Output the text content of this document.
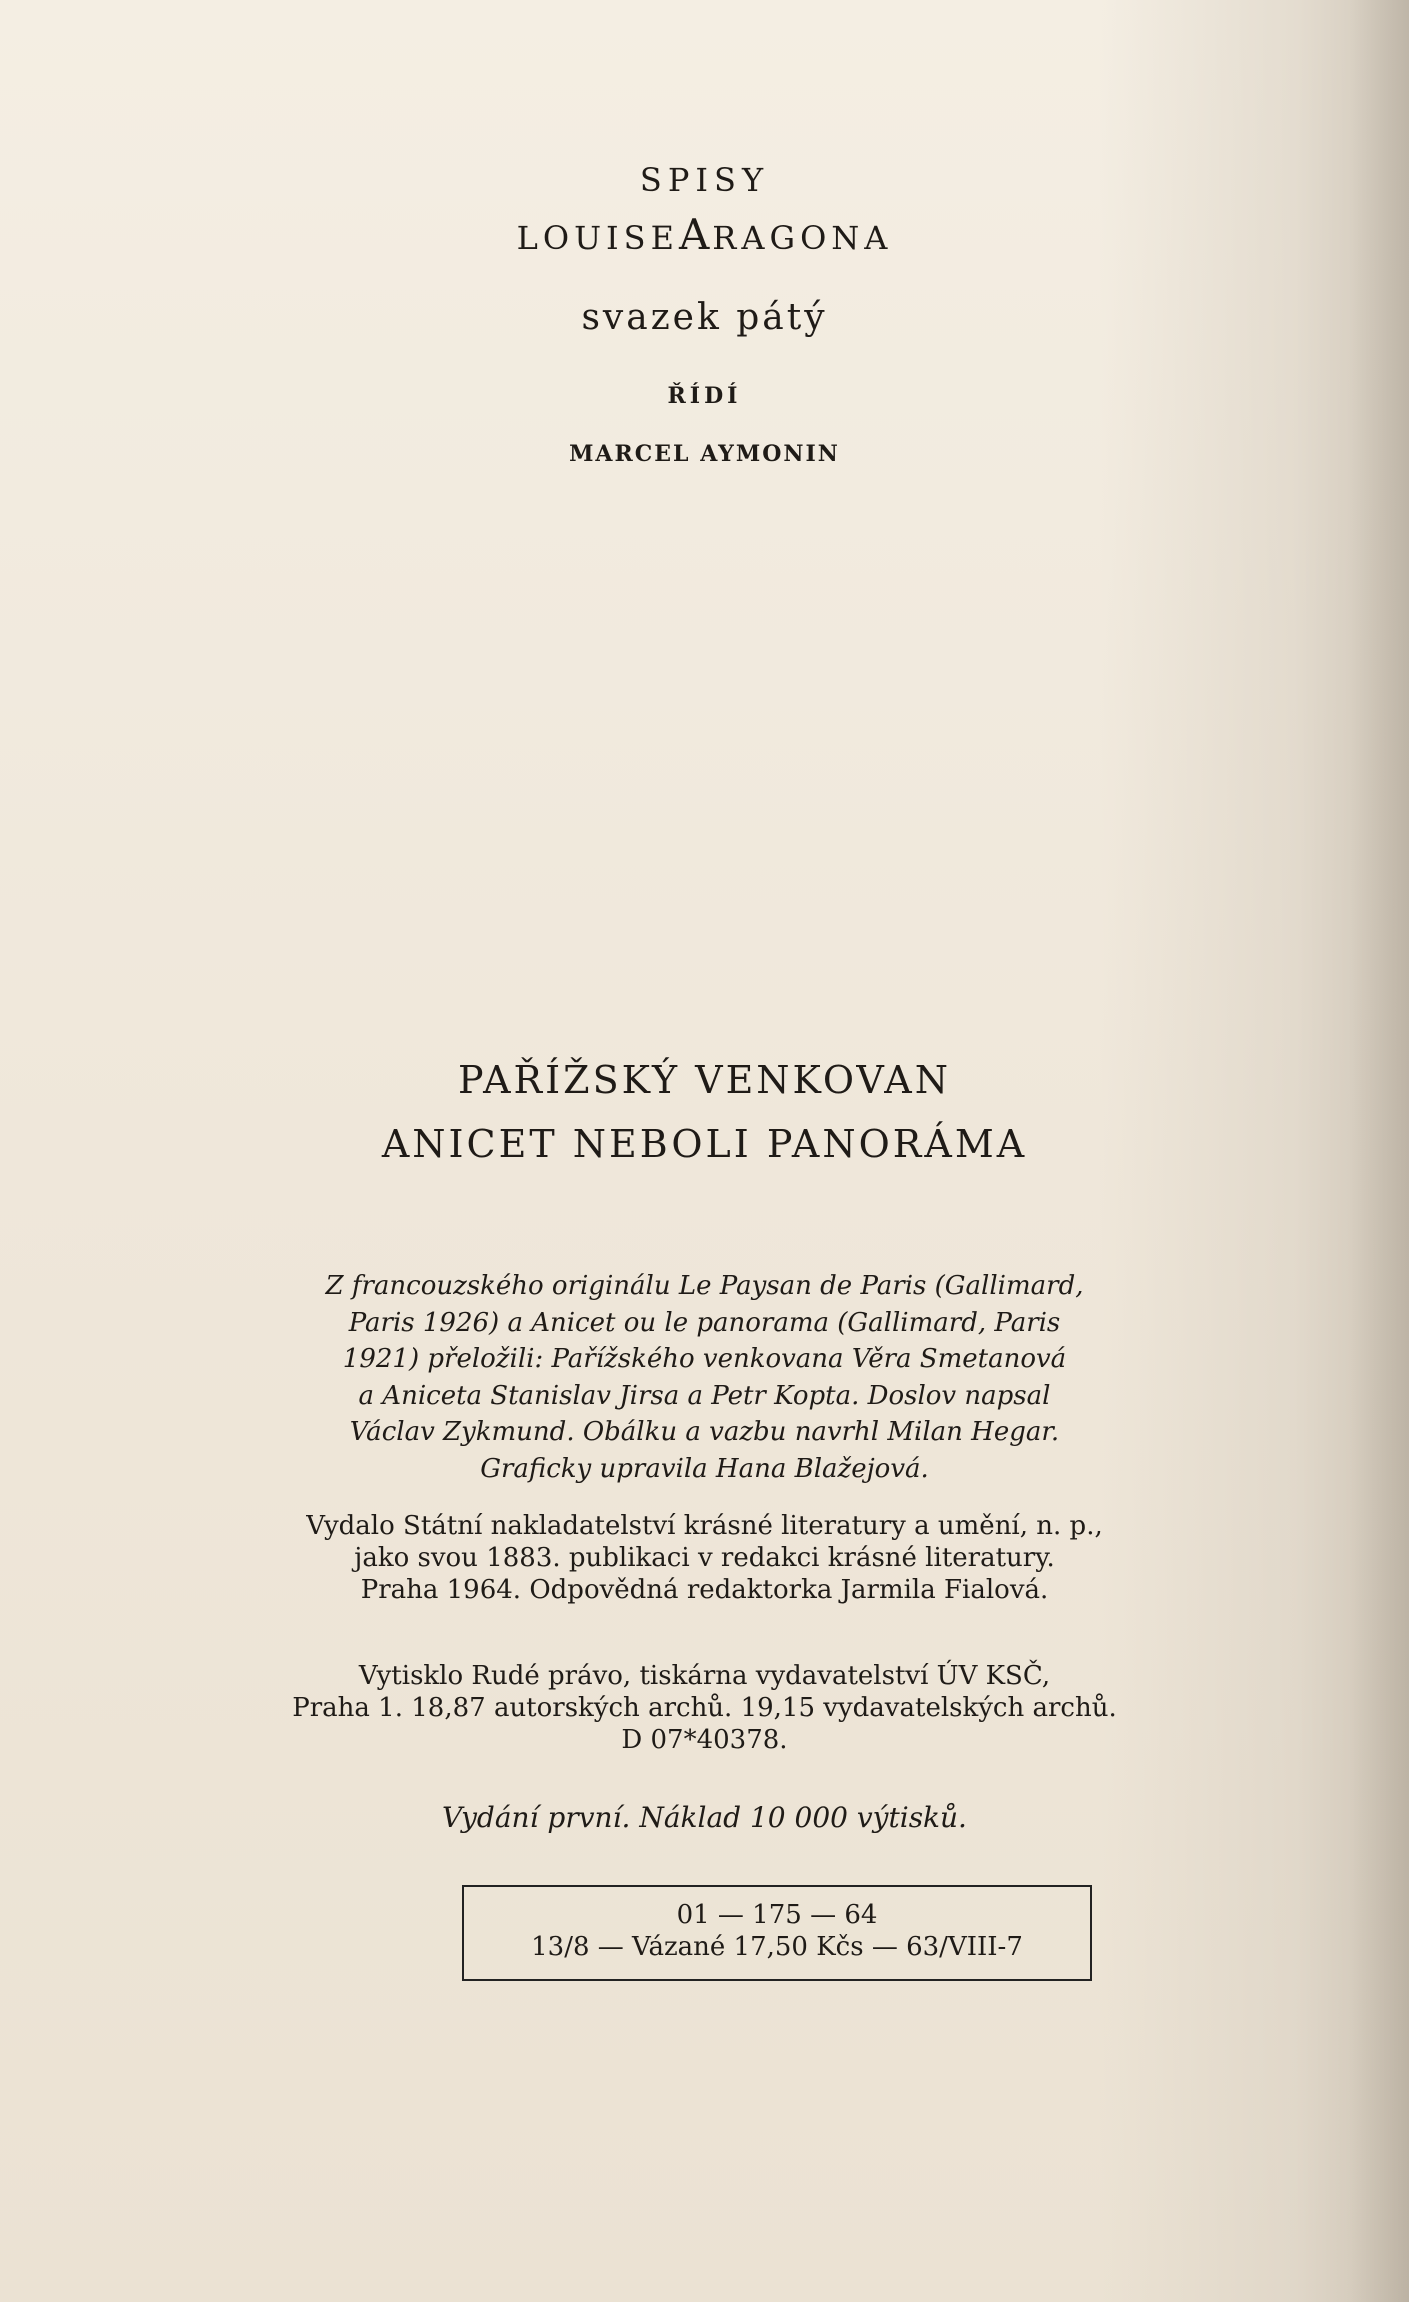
SPISY
LOUISEARAGONA
svazek pátý
ŘÍDÍ
MARCEL AYMONIN
PAŘÍŽSKÝ VENKOVAN
ANICET NEBOLI PANORÁMA
Z francouzského originálu Le Paysan de Paris (Gallimard,
Paris 1926) a Anicet ou le panorama (Gallimard, Paris
1921) přeložili: Pařížského venkovana Věra Smetanová
a Aniceta Stanislav Jirsa a Petr Kopta. Doslov napsal
Václav Zykmund. Obálku a vazbu navrhl Milan Hegar.
Graficky upravila Hana Blažejová.
Vydalo Státní nakladatelství krásné literatury a umění, n. p.,
jako svou 1883. publikaci v redakci krásné literatury.
Praha 1964. Odpovědná redaktorka Jarmila Fialová.
Vytisklo Rudé právo, tiskárna vydavatelství ÚV KSČ,
Praha 1. 18,87 autorských archů. 19,15 vydavatelských archů.
D 07*40378.
Vydání první. Náklad 10 000 výtisků.
01 — 175 — 64
13/8 — Vázané 17,50 Kčs — 63/VIII-7
